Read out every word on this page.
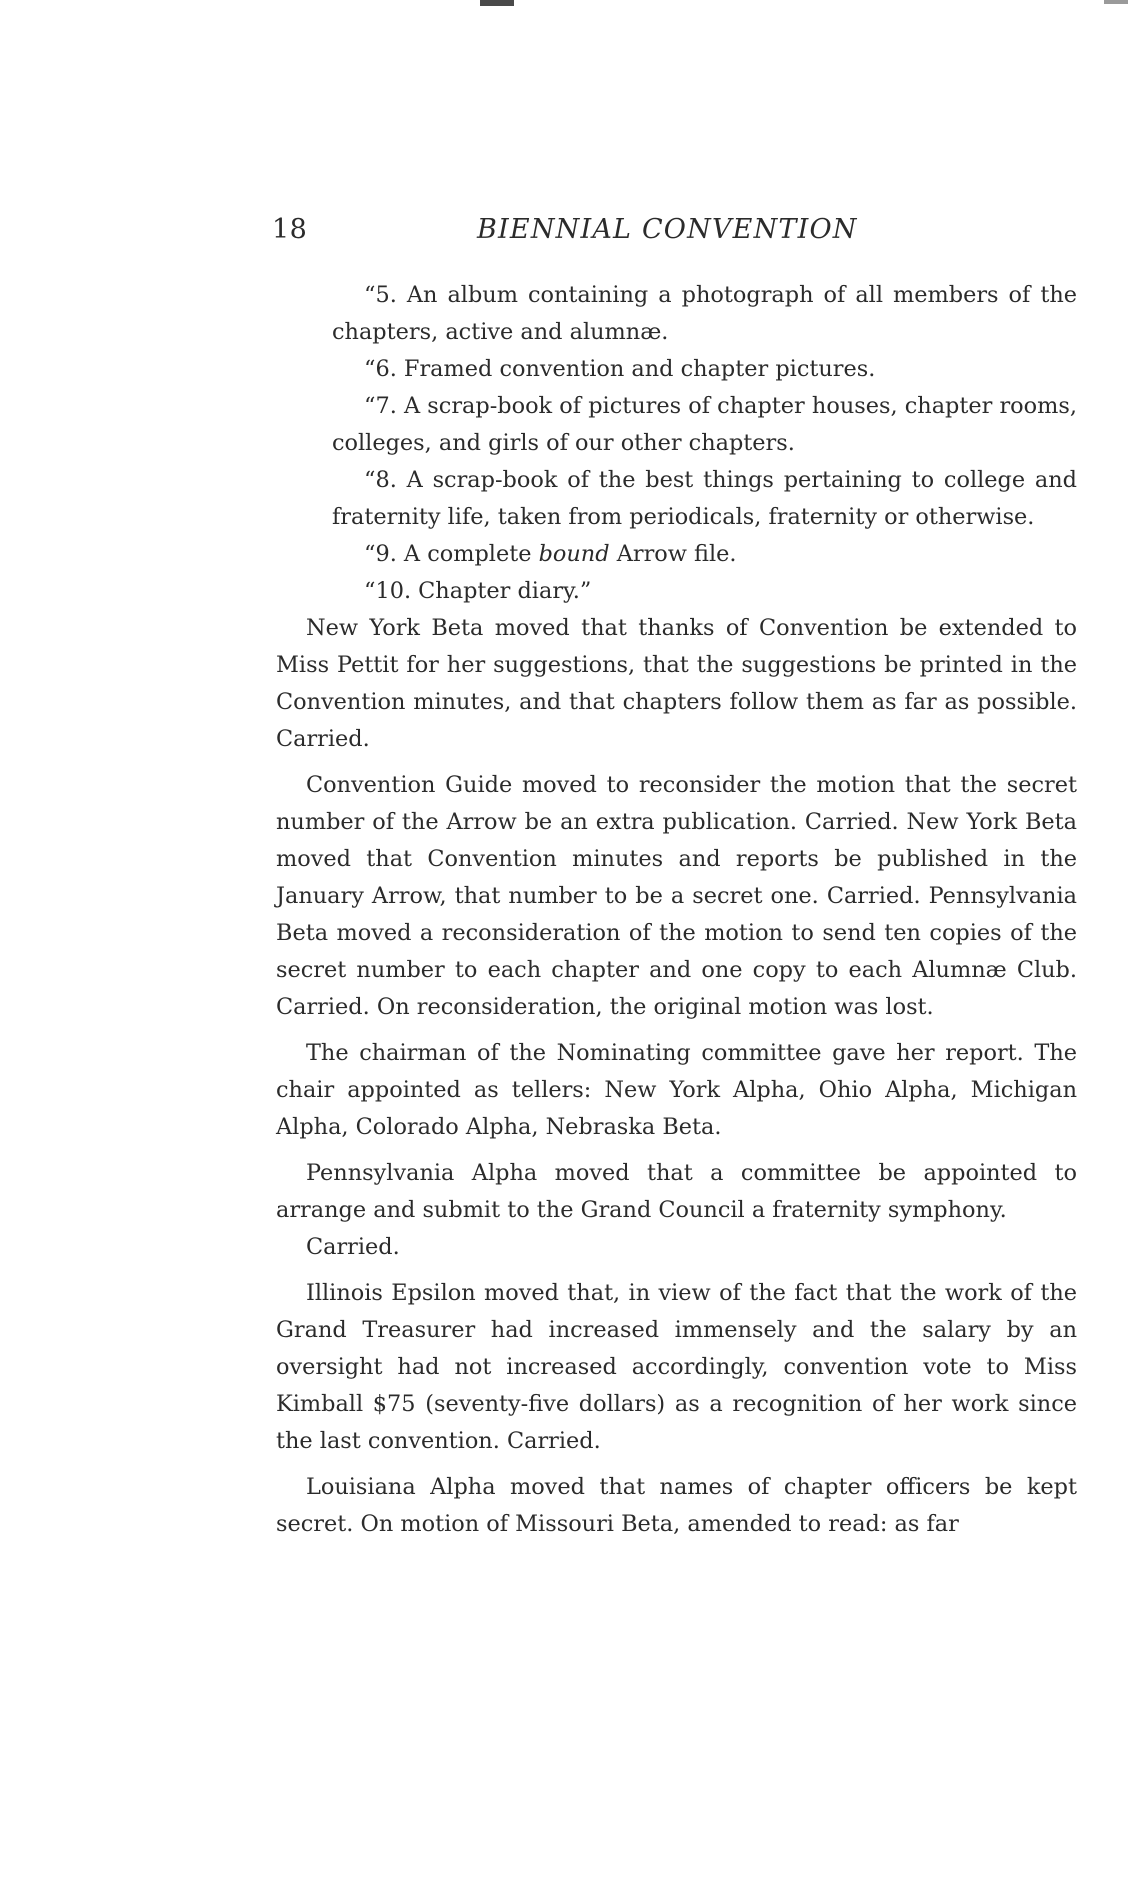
18	BIENNIAL CONVENTION

“5. An album containing a photograph of all members of the chapters, active and alumnæ.

“6. Framed convention and chapter pictures.

“7. A scrap-book of pictures of chapter houses, chapter rooms, colleges, and girls of our other chapters.

“8. A scrap-book of the best things pertaining to college and fraternity life, taken from periodicals, fraternity or otherwise.

“9. A complete bound Arrow file.

“10. Chapter diary.”

New York Beta moved that thanks of Convention be extended to Miss Pettit for her suggestions, that the suggestions be printed in the Convention minutes, and that chapters follow them as far as possible. Carried.

Convention Guide moved to reconsider the motion that the secret number of the Arrow be an extra publication. Carried. New York Beta moved that Convention minutes and reports be published in the January Arrow, that number to be a secret one. Carried. Pennsylvania Beta moved a reconsideration of the motion to send ten copies of the secret number to each chapter and one copy to each Alumnæ Club. Carried. On reconsideration, the original motion was lost.

The chairman of the Nominating committee gave her report. The chair appointed as tellers: New York Alpha, Ohio Alpha, Michigan Alpha, Colorado Alpha, Nebraska Beta.

Pennsylvania Alpha moved that a committee be appointed to arrange and submit to the Grand Council a fraternity symphony.

Carried.

Illinois Epsilon moved that, in view of the fact that the work of the Grand Treasurer had increased immensely and the salary by an oversight had not increased accordingly, convention vote to Miss Kimball $75 (seventy-five dollars) as a recognition of her work since the last convention. Carried.

Louisiana Alpha moved that names of chapter officers be kept secret. On motion of Missouri Beta, amended to read: as far
